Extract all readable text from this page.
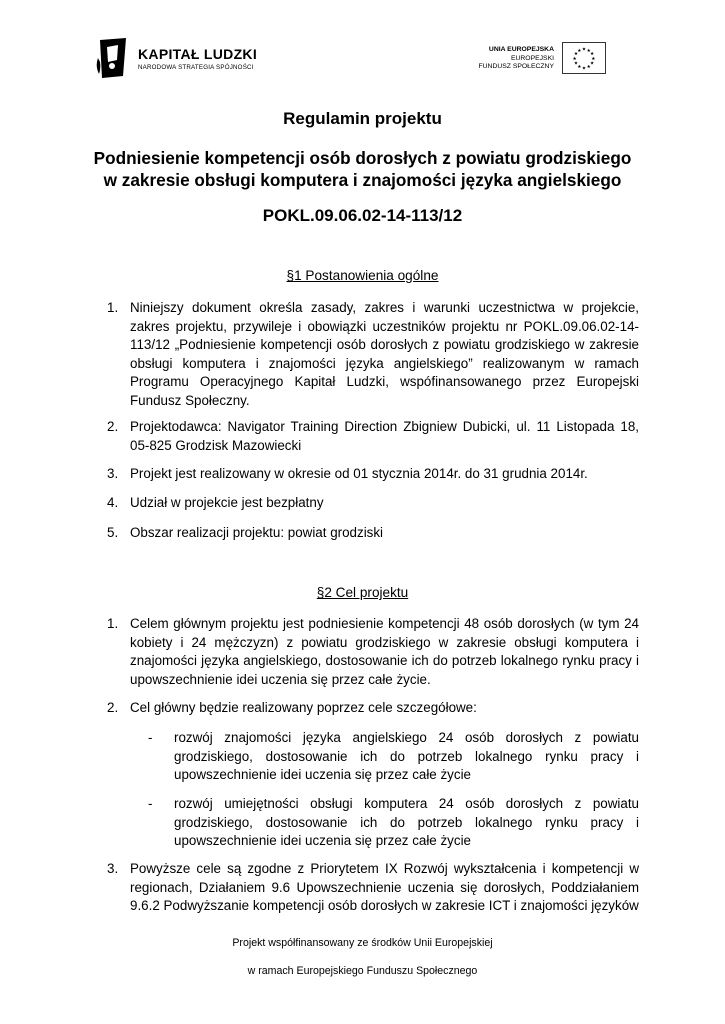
KAPITAŁ LUDZKI
NARODOWA STRATEGIA SPÓJNOŚCI
UNIA EUROPEJSKA
EUROPEJSKI
FUNDUSZ SPOŁECZNY
★ ★
★
★
★
★
★
★
★
★
★
★
Regulamin projektu
Podniesienie kompetencji osób dorosłych z powiatu grodziskiego
w zakresie obsługi komputera i znajomości języka angielskiego
POKL.09.06.02-14-113/12
§1 Postanowienia ogólne
1. Niniejszy dokument określa zasady, zakres i warunki uczestnictwa w projekcie, zakres projektu, przywileje i obowiązki uczestników projektu nr POKL.09.06.02-14-113/12 „Podniesienie kompetencji osób dorosłych z powiatu grodziskiego w zakresie obsługi komputera i znajomości języka angielskiego” realizowanym w ramach Programu Operacyjnego Kapitał Ludzki, wspófinansowanego przez Europejski Fundusz Społeczny.
2. Projektodawca: Navigator Training Direction Zbigniew Dubicki, ul. 11 Listopada 18, 05-825 Grodzisk Mazowiecki
3. Projekt jest realizowany w okresie od 01 stycznia 2014r. do 31 grudnia 2014r.
4. Udział w projekcie jest bezpłatny
5. Obszar realizacji projektu: powiat grodziski
§2 Cel projektu
1. Celem głównym projektu jest podniesienie kompetencji 48 osób dorosłych (w tym 24 kobiety i 24 mężczyzn) z powiatu grodziskiego w zakresie obsługi komputera i znajomości języka angielskiego, dostosowanie ich do potrzeb lokalnego rynku pracy i upowszechnienie idei uczenia się przez całe życie.
2. Cel główny będzie realizowany poprzez cele szczegółowe:
- rozwój znajomości języka angielskiego 24 osób dorosłych z powiatu grodziskiego, dostosowanie ich do potrzeb lokalnego rynku pracy i upowszechnienie idei uczenia się przez całe życie
- rozwój umiejętności obsługi komputera 24 osób dorosłych z powiatu grodziskiego, dostosowanie ich do potrzeb lokalnego rynku pracy i upowszechnienie idei uczenia się przez całe życie
3. Powyższe cele są zgodne z Priorytetem IX Rozwój wykształcenia i kompetencji w regionach, Działaniem 9.6 Upowszechnienie uczenia się dorosłych, Poddziałaniem 9.6.2 Podwyższanie kompetencji osób dorosłych w zakresie ICT i znajomości języków
Projekt współfinansowany ze środków Unii Europejskiej
w ramach Europejskiego Funduszu Społecznego
